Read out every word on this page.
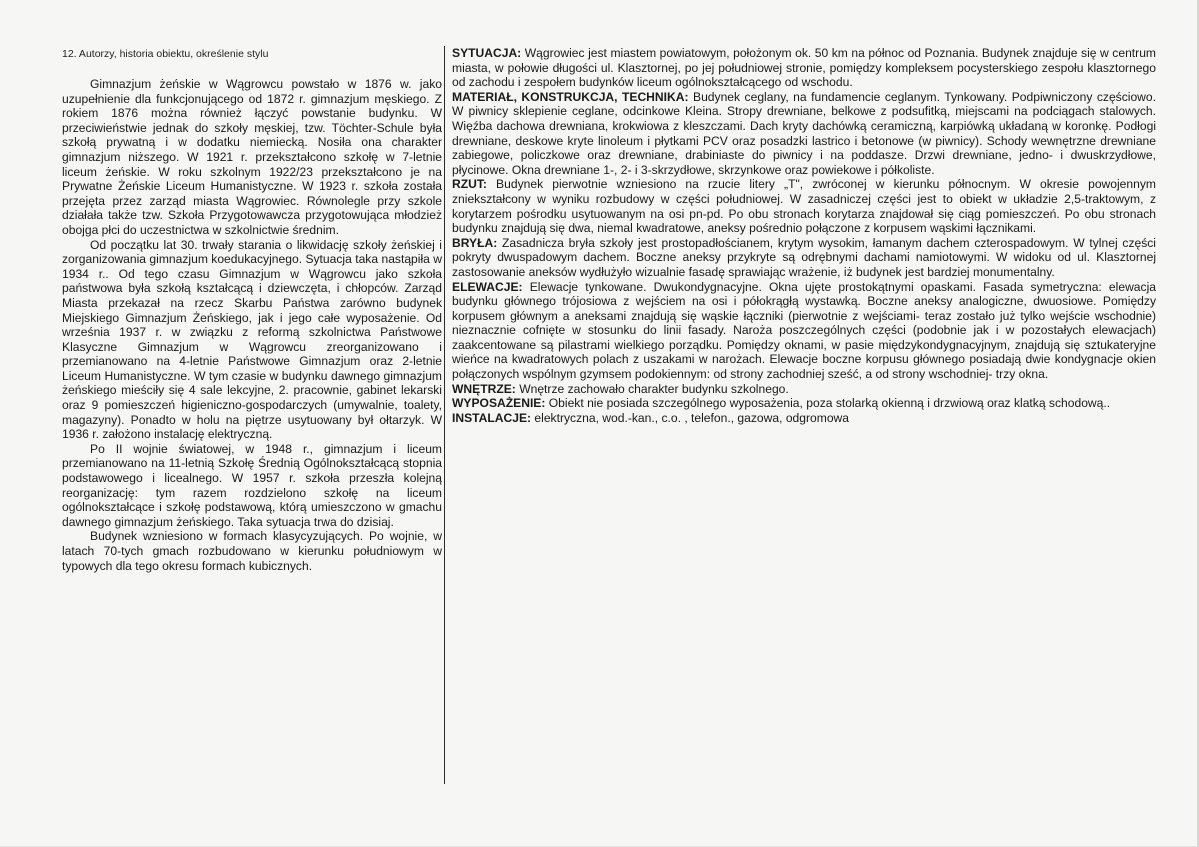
12. Autorzy, historia obiektu, określenie stylu

Gimnazjum żeńskie w Wągrowcu powstało w 1876 w. jako uzupełnienie dla funkcjonującego od 1872 r. gimnazjum męskiego. Z rokiem 1876 można również łączyć powstanie budynku. W przeciwieństwie jednak do szkoły męskiej, tzw. Töchter-Schule była szkołą prywatną i w dodatku niemiecką. Nosiła ona charakter gimnazjum niższego. W 1921 r. przekształcono szkołę w 7-letnie liceum żeńskie. W roku szkolnym 1922/23 przekształcono je na Prywatne Żeńskie Liceum Humanistyczne. W 1923 r. szkoła została przejęta przez zarząd miasta Wągrowiec. Równolegle przy szkole działała także tzw. Szkoła Przygotowawcza przygotowująca młodzież obojga płci do uczestnictwa w szkolnictwie średnim.

Od początku lat 30. trwały starania o likwidację szkoły żeńskiej i zorganizowania gimnazjum koedukacyjnego. Sytuacja taka nastąpiła w 1934 r.. Od tego czasu Gimnazjum w Wągrowcu jako szkoła państwowa była szkołą kształcącą i dziewczęta, i chłopców. Zarząd Miasta przekazał na rzecz Skarbu Państwa zarówno budynek Miejskiego Gimnazjum Żeńskiego, jak i jego całe wyposażenie. Od września 1937 r. w związku z reformą szkolnictwa Państwowe Klasyczne Gimnazjum w Wągrowcu zreorganizowano i przemianowano na 4-letnie Państwowe Gimnazjum oraz 2-letnie Liceum Humanistyczne. W tym czasie w budynku dawnego gimnazjum żeńskiego mieściły się 4 sale lekcyjne, 2. pracownie, gabinet lekarski oraz 9 pomieszczeń higieniczno-gospodarczych (umywalnie, toalety, magazyny). Ponadto w holu na piętrze usytuowany był ołtarzyk. W 1936 r. założono instalację elektryczną.

Po II wojnie światowej, w 1948 r., gimnazjum i liceum przemianowano na 11-letnią Szkołę Średnią Ogólnokształcącą stopnia podstawowego i licealnego. W 1957 r. szkoła przeszła kolejną reorganizację: tym razem rozdzielono szkołę na liceum ogólnokształcące i szkołę podstawową, którą umieszczono w gmachu dawnego gimnazjum żeńskiego. Taka sytuacja trwa do dzisiaj.

Budynek wzniesiono w formach klasycyzujących. Po wojnie, w latach 70-tych gmach rozbudowano w kierunku południowym w typowych dla tego okresu formach kubicznych.

SYTUACJA: Wągrowiec jest miastem powiatowym, położonym ok. 50 km na północ od Poznania. Budynek znajduje się w centrum miasta, w połowie długości ul. Klasztornej, po jej południowej stronie, pomiędzy kompleksem pocysterskiego zespołu klasztornego od zachodu i zespołem budynków liceum ogólnokształcącego od wschodu.

MATERIAŁ, KONSTRUKCJA, TECHNIKA: Budynek ceglany, na fundamencie ceglanym. Tynkowany. Podpiwniczony częściowo. W piwnicy sklepienie ceglane, odcinkowe Kleina. Stropy drewniane, belkowe z podsufitką, miejscami na podciągach stalowych. Więźba dachowa drewniana, krokwiowa z kleszczami. Dach kryty dachówką ceramiczną, karpiówką układaną w koronkę. Podłogi drewniane, deskowe kryte linoleum i płytkami PCV oraz posadzki lastrico i betonowe (w piwnicy). Schody wewnętrzne drewniane zabiegowe, policzkowe oraz drewniane, drabiniaste do piwnicy i na poddasze. Drzwi drewniane, jedno- i dwuskrzydłowe, płycinowe. Okna drewniane 1-, 2- i 3-skrzydłowe, skrzynkowe oraz powiekowe i półkoliste.

RZUT: Budynek pierwotnie wzniesiono na rzucie litery „T", zwróconej w kierunku północnym. W okresie powojennym zniekształcony w wyniku rozbudowy w części południowej. W zasadniczej części jest to obiekt w układzie 2,5-traktowym, z korytarzem pośrodku usytuowanym na osi pn-pd. Po obu stronach korytarza znajdował się ciąg pomieszczeń. Po obu stronach budynku znajdują się dwa, niemal kwadratowe, aneksy pośrednio połączone z korpusem wąskimi łącznikami.

BRYŁA: Zasadnicza bryła szkoły jest prostopadłościanem, krytym wysokim, łamanym dachem czterospadowym. W tylnej części pokryty dwuspadowym dachem. Boczne aneksy przykryte są odrębnymi dachami namiotowymi. W widoku od ul. Klasztornej zastosowanie aneksów wydłużyło wizualnie fasadę sprawiając wrażenie, iż budynek jest bardziej monumentalny.

ELEWACJE: Elewacje tynkowane. Dwukondygnacyjne. Okna ujęte prostokątnymi opaskami. Fasada symetryczna: elewacja budynku głównego trójosiowa z wejściem na osi i półokrągłą wystawką. Boczne aneksy analogiczne, dwuosiowe. Pomiędzy korpusem głównym a aneksami znajdują się wąskie łączniki (pierwotnie z wejściami- teraz zostało już tylko wejście wschodnie) nieznacznie cofnięte w stosunku do linii fasady. Naroża poszczególnych części (podobnie jak i w pozostałych elewacjach) zaakcentowane są pilastrami wielkiego porządku. Pomiędzy oknami, w pasie międzykondygnacyjnym, znajdują się sztukateryjne wieńce na kwadratowych polach z uszakami w narożach. Elewacje boczne korpusu głównego posiadają dwie kondygnacje okien połączonych wspólnym gzymsem podokiennym: od strony zachodniej sześć, a od strony wschodniej- trzy okna.

WNĘTRZE: Wnętrze zachowało charakter budynku szkolnego.

WYPOSAŻENIE: Obiekt nie posiada szczególnego wyposażenia, poza stolarką okienną i drzwiową oraz klatką schodową..

INSTALACJE: elektryczna, wod.-kan., c.o. , telefon., gazowa, odgromowa
